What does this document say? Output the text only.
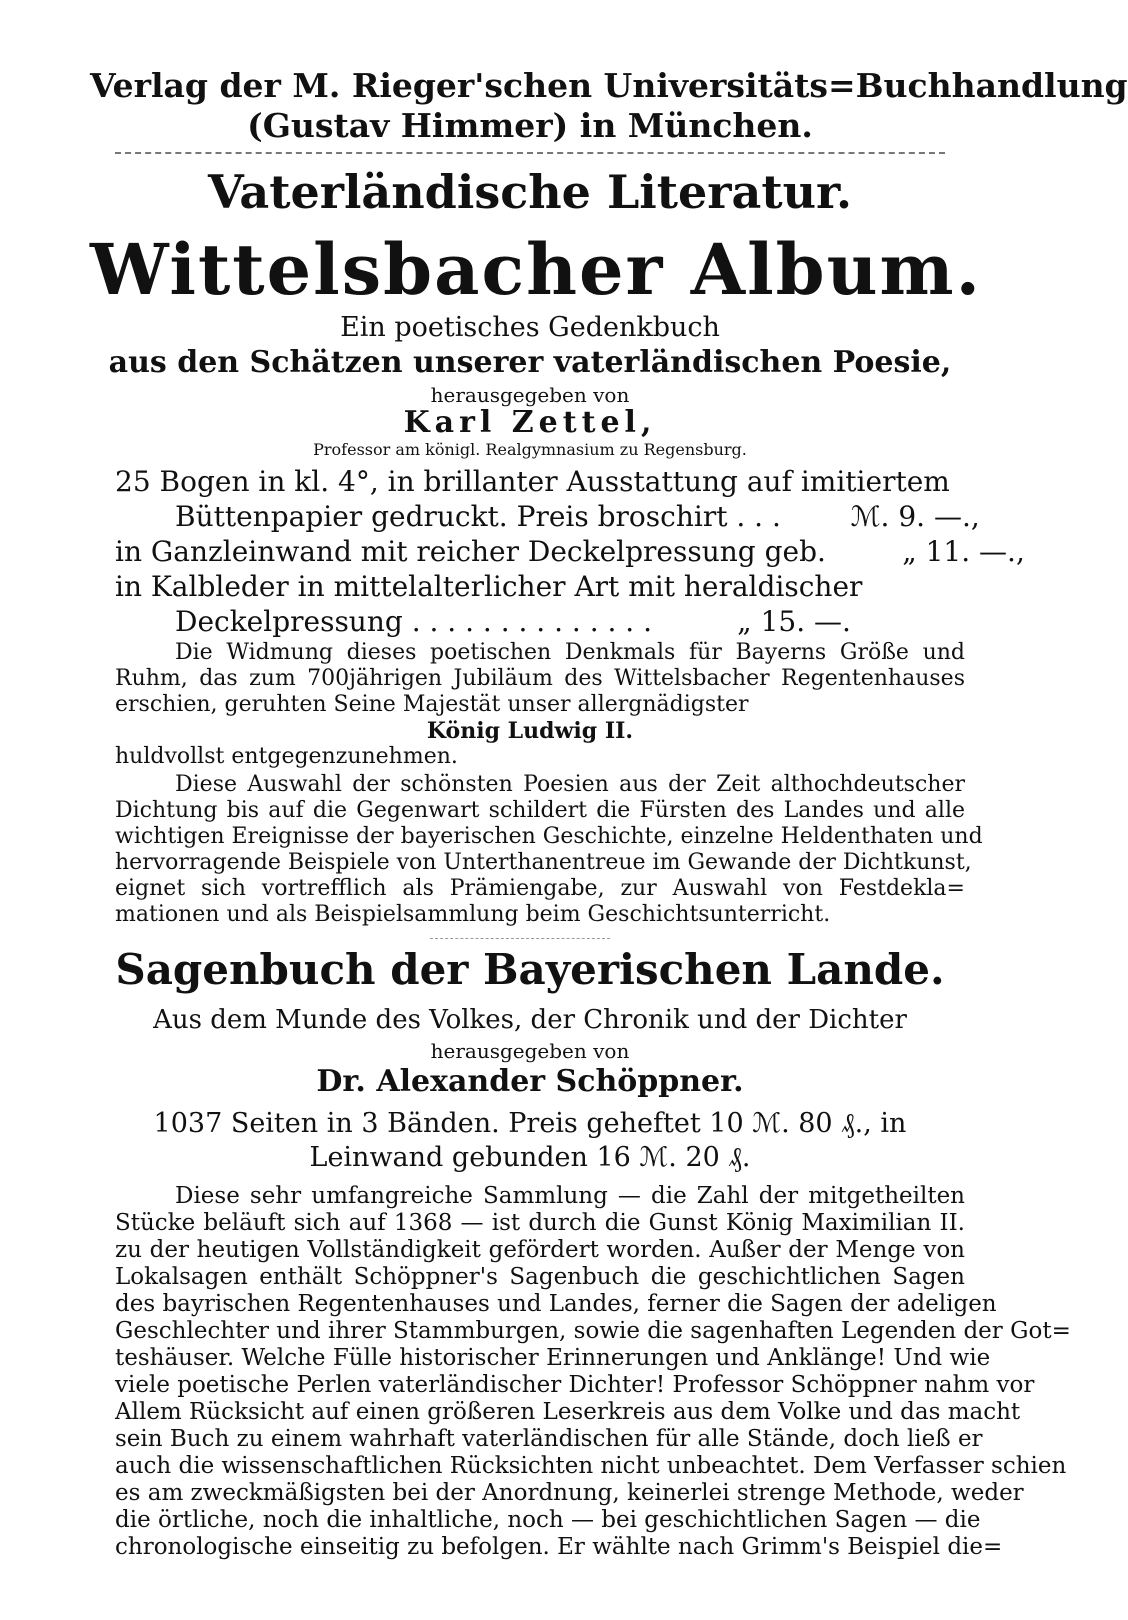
Verlag der M. Rieger'schen Universitäts=Buchhandlung
(Gustav Himmer) in München.
Vaterländische Literatur.
Wittelsbacher Album.
Ein poetisches Gedenkbuch
aus den Schätzen unserer vaterländischen Poesie,
herausgegeben von
Karl Zettel,
Professor am königl. Realgymnasium zu Regensburg.
25 Bogen in kl. 4°, in brillanter Ausstattung auf imitiertem
Büttenpapier gedruckt. Preis broschirt . . . ℳ. 9. —.,
in Ganzleinwand mit reicher Deckelpressung geb.	„ 11. —.,
in Kalbleder in mittelalterlicher Art mit heraldischer
Deckelpressung . . . . . . . . . . . . . .	„ 15. —.
Die Widmung dieses poetischen Denkmals für Bayerns Größe und
Ruhm, das zum 700jährigen Jubiläum des Wittelsbacher Regentenhauses
erschien, geruhten Seine Majestät unser allergnädigster
König Ludwig II.
huldvollst entgegenzunehmen.
Diese Auswahl der schönsten Poesien aus der Zeit althochdeutscher
Dichtung bis auf die Gegenwart schildert die Fürsten des Landes und alle
wichtigen Ereignisse der bayerischen Geschichte, einzelne Heldenthaten und
hervorragende Beispiele von Unterthanentreue im Gewande der Dichtkunst,
eignet sich vortrefflich als Prämiengabe, zur Auswahl von Festdekla=
mationen und als Beispielsammlung beim Geschichtsunterricht.
Sagenbuch der Bayerischen Lande.
Aus dem Munde des Volkes, der Chronik und der Dichter
herausgegeben von
Dr. Alexander Schöppner.
1037 Seiten in 3 Bänden. Preis geheftet 10 ℳ. 80 ₰., in
Leinwand gebunden 16 ℳ. 20 ₰.
Diese sehr umfangreiche Sammlung — die Zahl der mitgetheilten
Stücke beläuft sich auf 1368 — ist durch die Gunst König Maximilian II.
zu der heutigen Vollständigkeit gefördert worden. Außer der Menge von
Lokalsagen enthält Schöppner's Sagenbuch die geschichtlichen Sagen
des bayrischen Regentenhauses und Landes, ferner die Sagen der adeligen
Geschlechter und ihrer Stammburgen, sowie die sagenhaften Legenden der Got=
teshäuser. Welche Fülle historischer Erinnerungen und Anklänge! Und wie
viele poetische Perlen vaterländischer Dichter! Professor Schöppner nahm vor
Allem Rücksicht auf einen größeren Leserkreis aus dem Volke und das macht
sein Buch zu einem wahrhaft vaterländischen für alle Stände, doch ließ er
auch die wissenschaftlichen Rücksichten nicht unbeachtet. Dem Verfasser schien
es am zweckmäßigsten bei der Anordnung, keinerlei strenge Methode, weder
die örtliche, noch die inhaltliche, noch — bei geschichtlichen Sagen — die
chronologische einseitig zu befolgen. Er wählte nach Grimm's Beispiel die=
